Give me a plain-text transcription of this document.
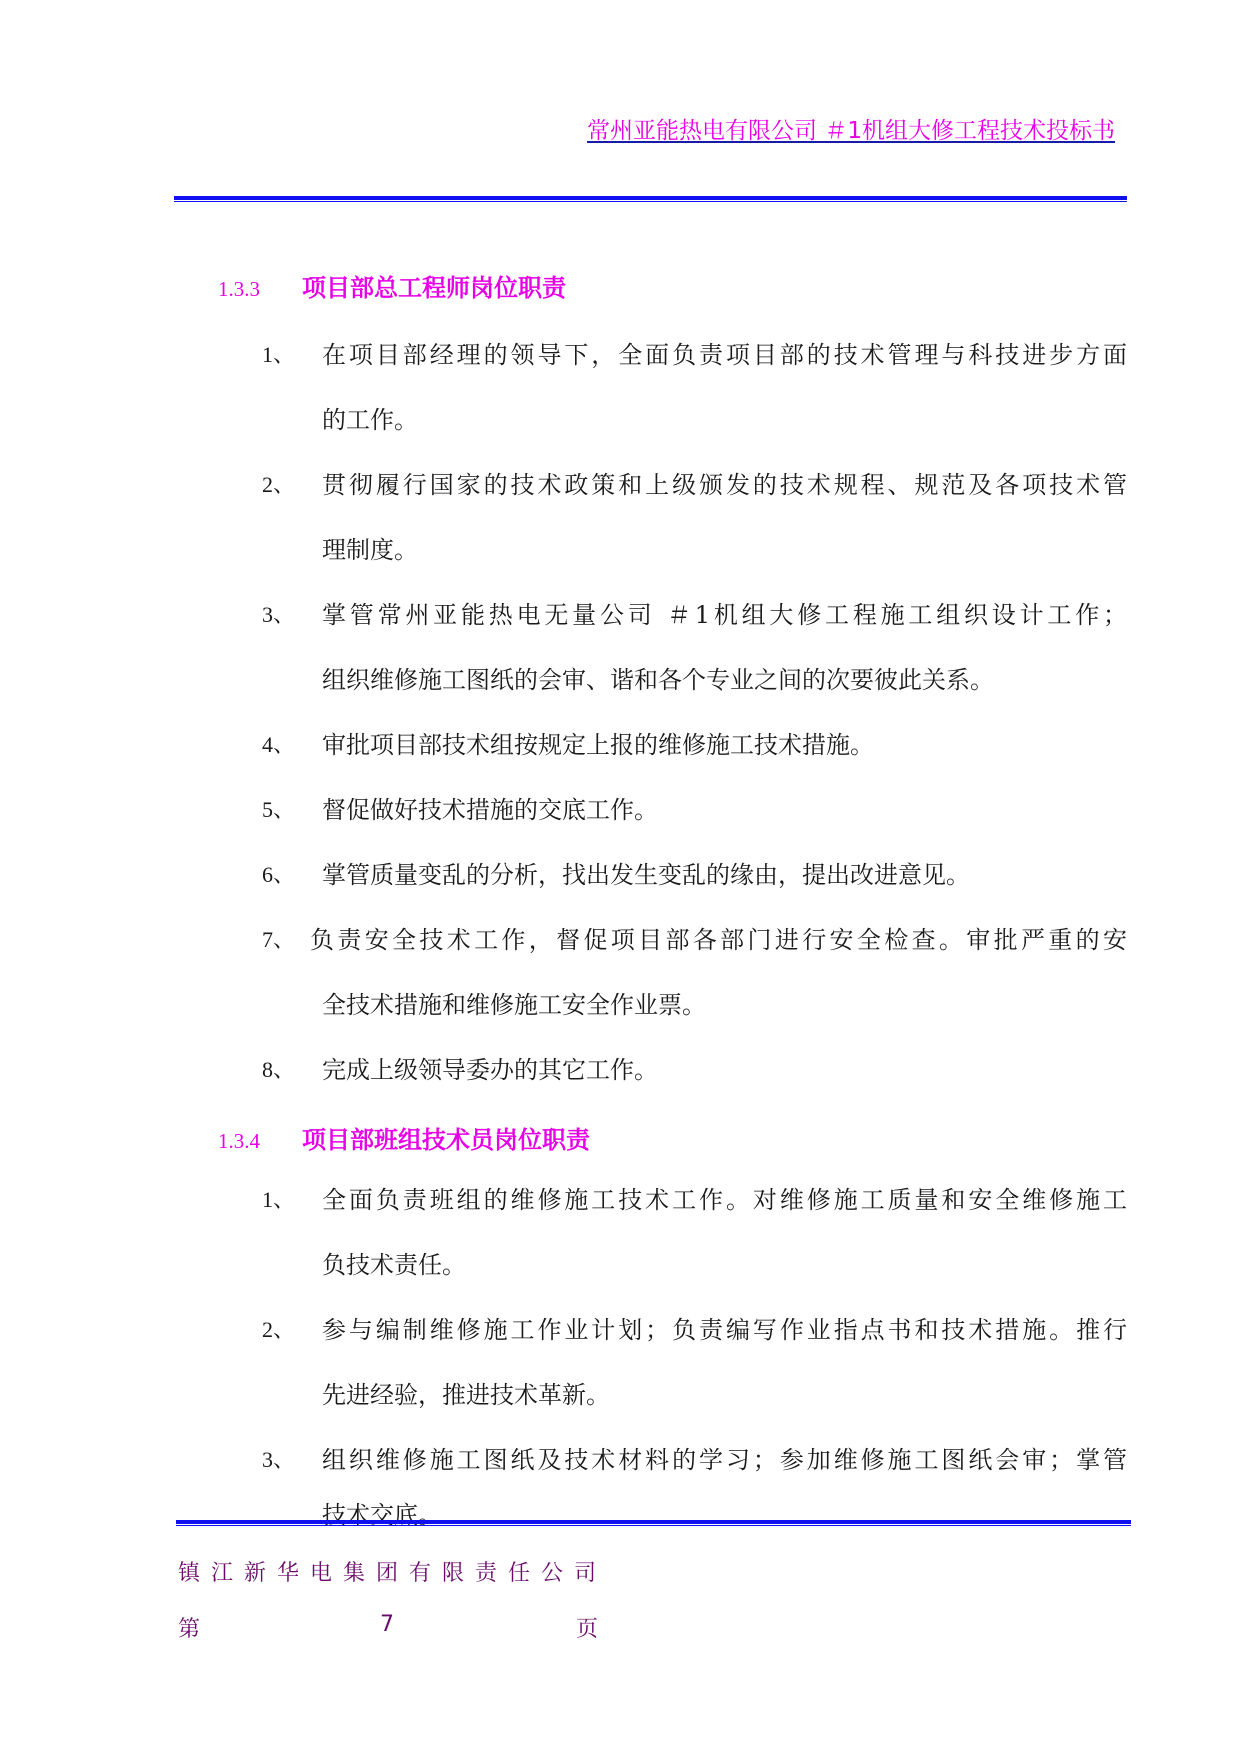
常州亚能热电有限公司 ＃1机组大修工程技术投标书
1.3.3 项目部总工程师岗位职责
1、 在项目部经理的领导下，全面负责项目部的技术管理与科技进步方面
的工作。
2、 贯彻履行国家的技术政策和上级颁发的技术规程、规范及各项技术管
理制度。
3、 掌管常州亚能热电无量公司 ＃1机组大修工程施工组织设计工作；
组织维修施工图纸的会审、谐和各个专业之间的次要彼此关系。
4、 审批项目部技术组按规定上报的维修施工技术措施。
5、 督促做好技术措施的交底工作。
6、 掌管质量变乱的分析，找出发生变乱的缘由，提出改进意见。
7、 负责安全技术工作，督促项目部各部门进行安全检查。审批严重的安
全技术措施和维修施工安全作业票。
8、 完成上级领导委办的其它工作。
1.3.4 项目部班组技术员岗位职责
1、 全面负责班组的维修施工技术工作。对维修施工质量和安全维修施工
负技术责任。
2、 参与编制维修施工作业计划；负责编写作业指点书和技术措施。推行
先进经验，推进技术革新。
3、 组织维修施工图纸及技术材料的学习；参加维修施工图纸会审；掌管
技术交底。
镇江新华电集团有限责任公司
第	7	页
